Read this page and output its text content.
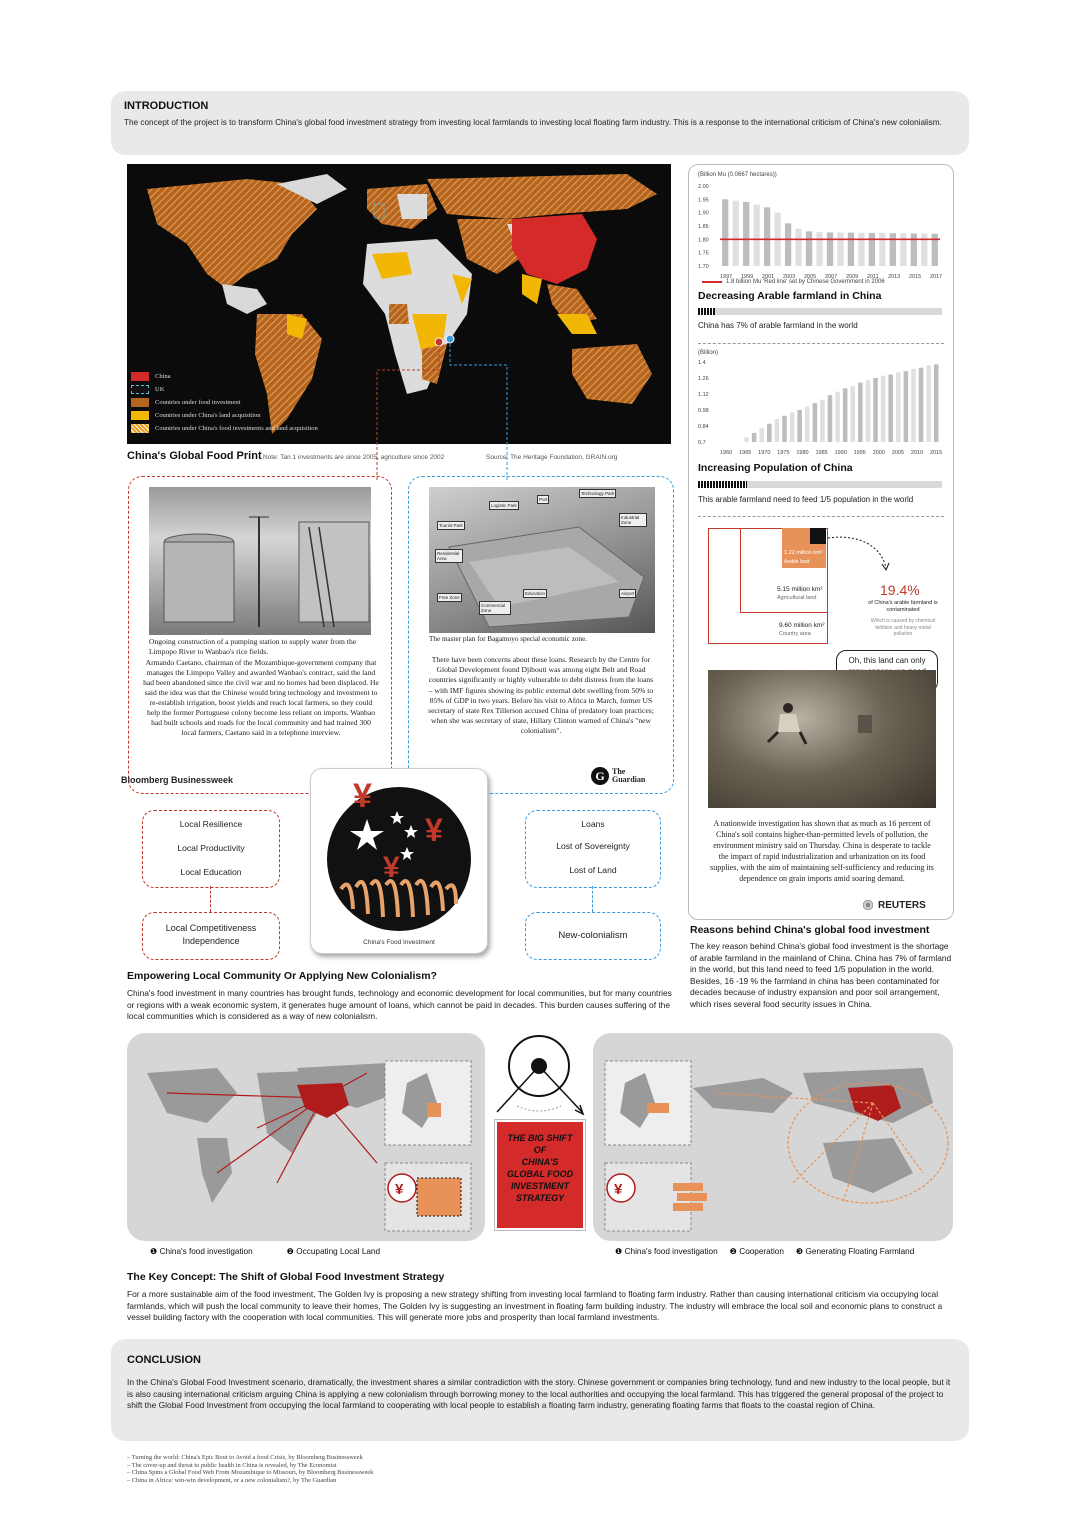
INTRODUCTION
The concept of the project is to transform China's global food investment strategy from investing local farmlands to investing local floating farm industry. This is a response to the international criticism of China's new colonialism.
China
UK
Countries under food investment
Countries under China's land acquisition
Countries under China's food investments and land acquisition
China's Global Food Print Note: Tan 1 investments are since 2005, agriculture since 2002	Source: The Heritage Foundation, GRAIN.org
(Billion Mu (0.0667 hectares))
2.00
1.95
1.90
1.85
1.80
1.75
1.70
1997 1999 2001 2003 2005 2007 2009 2011 2013 2015 2017
1.8 billion Mu 'Red line' set by Chinese Government in 2006
Decreasing Arable farmland in China
China has 7% of arable farmland in the world
(Billion)
1.4
1.26
1.12
0.98
0.84
0.7
1960 1965 1970 1975 1980 1985 1990 1995 2000 2005 2010 2015
Increasing Population of China
This arable farmland need to feed 1/5 population in the world
9.60 million km²
Country area
5.15 million km²
Agricultural land
1.22 million km²
Arable land
19.4%
of China's arable farmland is contaminated
Which is caused by chemical fertilizer and heavy metal pollution
Oh, this land can only
A nationwide investigation has shown that as much as 16 percent of China's soil contains higher-than-permitted levels of pollution, the environment ministry said on Thursday. China is desperate to tackle the impact of rapid industrialization and urbanization on its food supplies, with the aim of maintaining self-sufficiency and reducing its dependence on grain imports amid soaring demand.
REUTERS
Reasons behind China's global food investment
The key reason behind China's global food investment is the shortage of arable farmland in the mainland of China. China has 7% of farmland in the world, but this land need to feed 1/5 population in the world. Besides, 16 -19 % the farmland in china has been contaminated for decades because of industry expansion and poor soil arrangement, which rises several food security issues in China.
Ongoing construction of a pumping station to supply water from the Limpopo River to Wanbao's rice fields.
Armando Caetano, chairman of the Mozambique-government company that manages the Limpopo Valley and awarded Wanbao's contract, said the land had been abandoned since the civil war and no homes had been displaced. He said the idea was that the Chinese would bring technology and investment to re-establish irrigation, boost yields and reach local farmers, so they could help the former Portuguese colony become less reliant on imports. Wanbao had built schools and roads for the local community and had trained 300 local farmers, Caetano said in a telephone interview.
Bloomberg Businessweek
Technology Park
Logistic Park
Port
Industrial Zone
Tourist Park
Residential Area
Free Zone
Commercial Zone
Education	Airport
The master plan for Bagamoyo special economic zone.
There have been concerns about these loans. Research by the Centre for Global Development found Djibouti was among eight Belt and Road countries significantly or highly vulnerable to debt distress from the loans – with IMF figures showing its public external debt swelling from 50% to 85% of GDP in two years. Before his visit to Africa in March, former US secretary of state Rex Tillerson accused China of predatory loan practices; when she was secretary of state, Hillary Clinton warned of China's "new colonialism".
G The
Guardian
Local Resilience
Local Productivity
Local Education
Local Competitiveness Independence
¥
¥
¥
China's Food Investment
Loans
Lost of Sovereignty
Lost of Land
New-colonialism
Empowering Local Community Or Applying New Colonialism?
China's food investment in many countries has brought funds, technology and economic development for local communities, but for many countries or regions with a weak economic system, it generates huge amount of loans, which cannot be paid in decades. This burden causes suffering of the local communities which is considered as a way of new colonialism.
¥
THE BIG SHIFT
OF
CHINA'S
GLOBAL FOOD
INVESTMENT
STRATEGY	¥
❶ China's food investigation	❷ Occupating Local Land	❶ China's food investigation ❷ Cooperation ❸ Generating Floating Farmland
The Key Concept: The Shift of Global Food Investment Strategy
For a more sustainable aim of the food investment, The Golden Ivy is proposing a new strategy shifting from investing local farmland to floating farm industry. Rather than causing international criticism via occupying local farmlands, which will push the local community to leave their homes, The Golden Ivy is suggesting an investment in floating farm building industry. The industry will embrace the local soil and economic plans to construct a vessel building factory with the cooperation with local communities. This will generate more jobs and prosperity than local farmland investments.
CONCLUSION
In the China's Global Food Investment scenario, dramatically, the investment shares a similar contradiction with the story. Chinese government or companies bring technology, fund and new industry to the local people, but it is also causing international criticism arguing China is applying a new colonialism through borrowing money to the local authorities and occupying the local farmland. This has triggered the general proposal of the project to shift the Global Food Investment from occupying the local farmland to cooperating with local people to establish a floating farm industry, generating floating farms that floats to the coastal region of China.
– Turning the world: China's Epic Bout to Avoid a food Crisis, by Bloomberg Businessweek
– The cover-up and threat to public health in China is revealed, by The Economist
– China Spins a Global Food Web From Mozambique to Missouri, by Bloomberg Businessweek
– China in Africa: win-win development, or a new colonialism?, by The Guardian
